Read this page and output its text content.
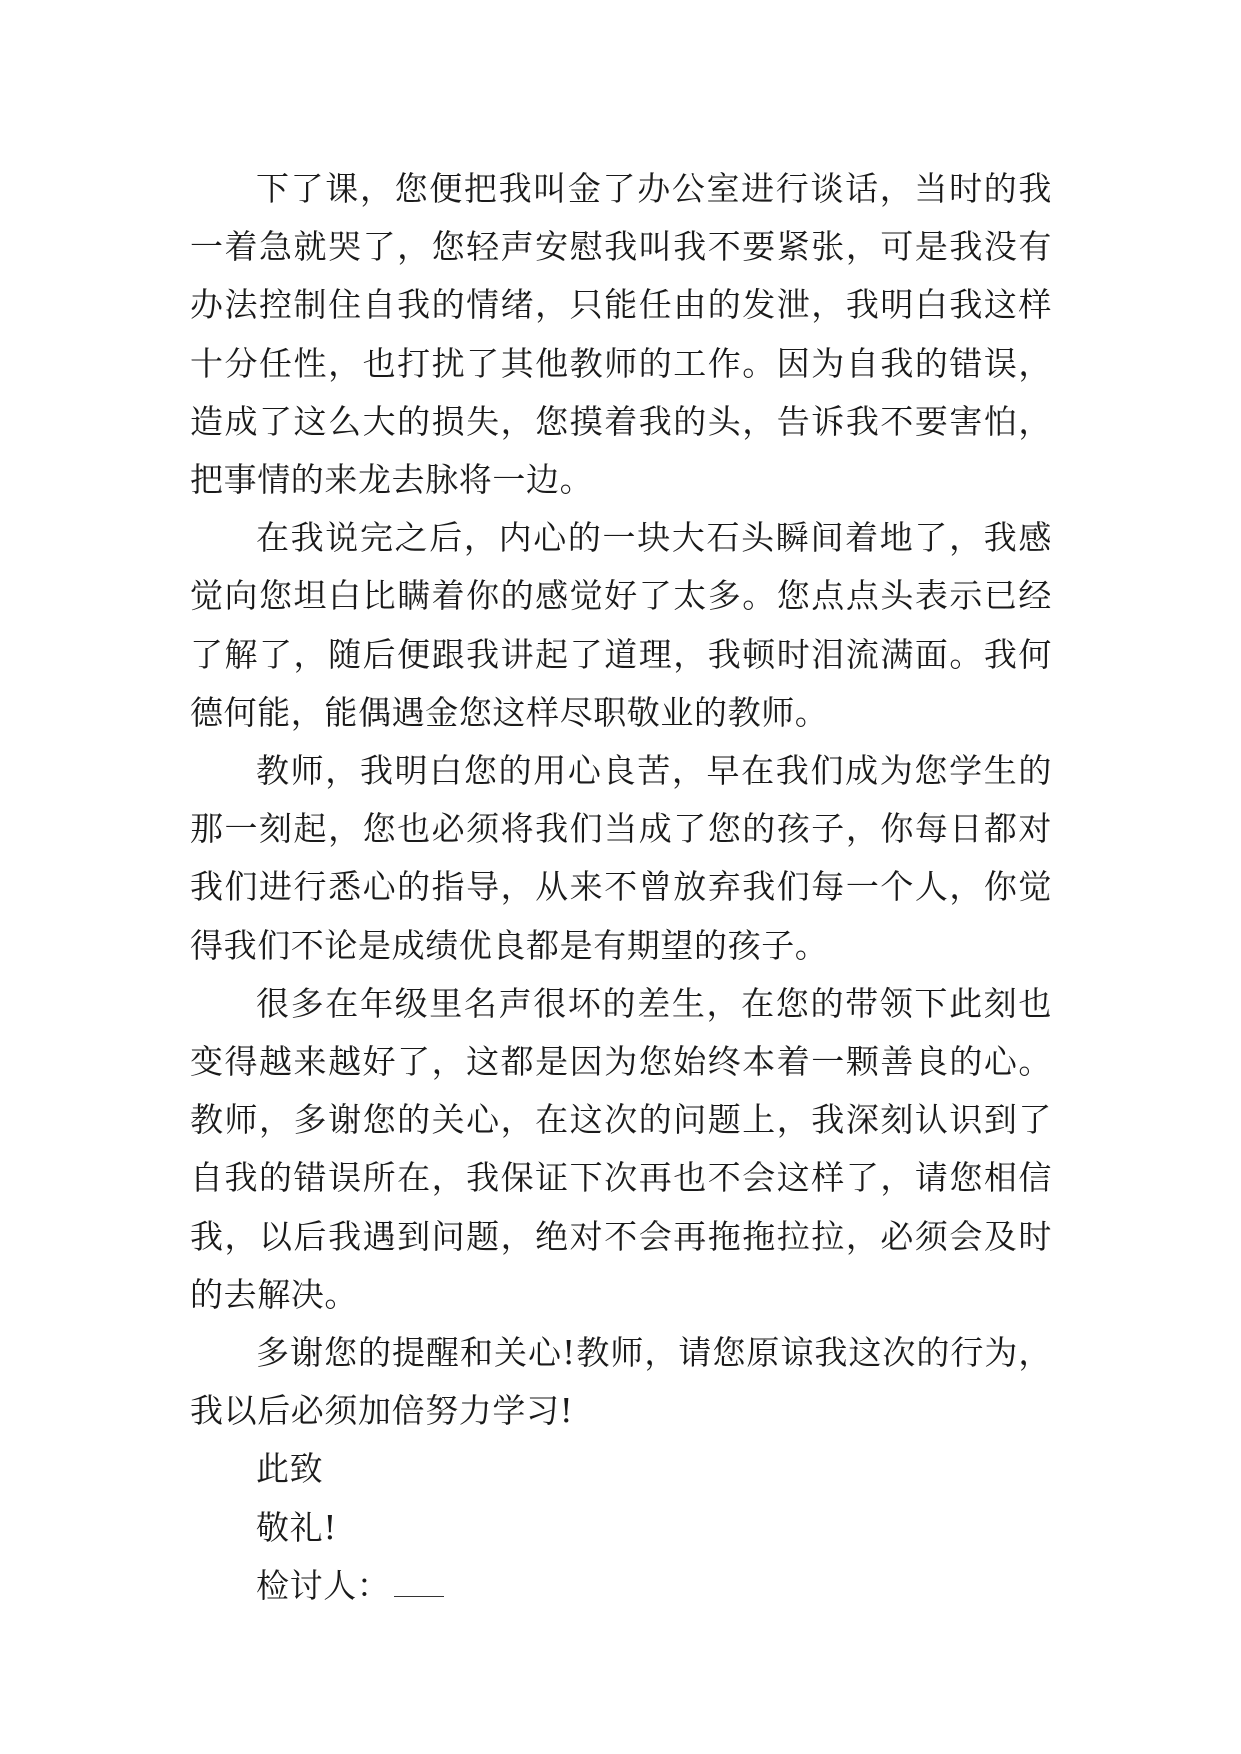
下了课，您便把我叫金了办公室进行谈话，当时的我一着急就哭了，您轻声安慰我叫我不要紧张，可是我没有办法控制住自我的情绪，只能任由的发泄，我明白我这样十分任性，也打扰了其他教师的工作。因为自我的错误，造成了这么大的损失，您摸着我的头，告诉我不要害怕，把事情的来龙去脉将一边。

在我说完之后，内心的一块大石头瞬间着地了，我感觉向您坦白比瞒着你的感觉好了太多。您点点头表示已经了解了，随后便跟我讲起了道理，我顿时泪流满面。我何德何能，能偶遇金您这样尽职敬业的教师。

教师，我明白您的用心良苦，早在我们成为您学生的那一刻起，您也必须将我们当成了您的孩子，你每日都对我们进行悉心的指导，从来不曾放弃我们每一个人，你觉得我们不论是成绩优良都是有期望的孩子。

很多在年级里名声很坏的差生，在您的带领下此刻也变得越来越好了，这都是因为您始终本着一颗善良的心。教师，多谢您的关心，在这次的问题上，我深刻认识到了自我的错误所在，我保证下次再也不会这样了，请您相信我，以后我遇到问题，绝对不会再拖拖拉拉，必须会及时的去解决。

多谢您的提醒和关心!教师，请您原谅我这次的行为，我以后必须加倍努力学习!

此致

敬礼!

检讨人：
